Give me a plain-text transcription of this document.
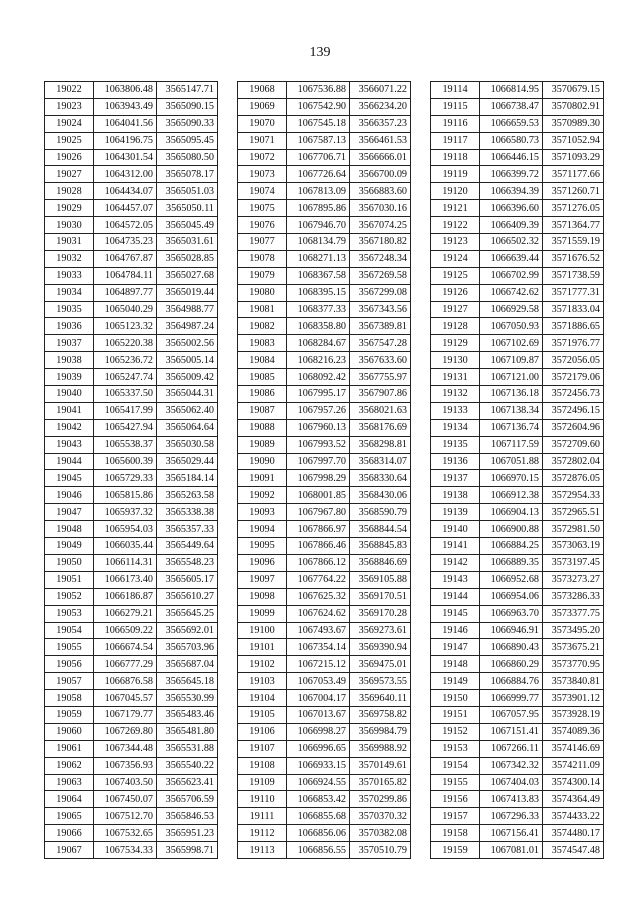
139
19022	1063806.48	3565147.71
19023	1063943.49	3565090.15
19024	1064041.56	3565090.33
19025	1064196.75	3565095.45
19026	1064301.54	3565080.50
19027	1064312.00	3565078.17
19028	1064434.07	3565051.03
19029	1064457.07	3565050.11
19030	1064572.05	3565045.49
19031	1064735.23	3565031.61
19032	1064767.87	3565028.85
19033	1064784.11	3565027.68
19034	1064897.77	3565019.44
19035	1065040.29	3564988.77
19036	1065123.32	3564987.24
19037	1065220.38	3565002.56
19038	1065236.72	3565005.14
19039	1065247.74	3565009.42
19040	1065337.50	3565044.31
19041	1065417.99	3565062.40
19042	1065427.94	3565064.64
19043	1065538.37	3565030.58
19044	1065600.39	3565029.44
19045	1065729.33	3565184.14
19046	1065815.86	3565263.58
19047	1065937.32	3565338.38
19048	1065954.03	3565357.33
19049	1066035.44	3565449.64
19050	1066114.31	3565548.23
19051	1066173.40	3565605.17
19052	1066186.87	3565610.27
19053	1066279.21	3565645.25
19054	1066509.22	3565692.01
19055	1066674.54	3565703.96
19056	1066777.29	3565687.04
19057	1066876.58	3565645.18
19058	1067045.57	3565530.99
19059	1067179.77	3565483.46
19060	1067269.80	3565481.80
19061	1067344.48	3565531.88
19062	1067356.93	3565540.22
19063	1067403.50	3565623.41
19064	1067450.07	3565706.59
19065	1067512.70	3565846.53
19066	1067532.65	3565951.23
19067	1067534.33	3565998.71
19068	1067536.88	3566071.22
19069	1067542.90	3566234.20
19070	1067545.18	3566357.23
19071	1067587.13	3566461.53
19072	1067706.71	3566666.01
19073	1067726.64	3566700.09
19074	1067813.09	3566883.60
19075	1067895.86	3567030.16
19076	1067946.70	3567074.25
19077	1068134.79	3567180.82
19078	1068271.13	3567248.34
19079	1068367.58	3567269.58
19080	1068395.15	3567299.08
19081	1068377.33	3567343.56
19082	1068358.80	3567389.81
19083	1068284.67	3567547.28
19084	1068216.23	3567633.60
19085	1068092.42	3567755.97
19086	1067995.17	3567907.86
19087	1067957.26	3568021.63
19088	1067960.13	3568176.69
19089	1067993.52	3568298.81
19090	1067997.70	3568314.07
19091	1067998.29	3568330.64
19092	1068001.85	3568430.06
19093	1067967.80	3568590.79
19094	1067866.97	3568844.54
19095	1067866.46	3568845.83
19096	1067866.12	3568846.69
19097	1067764.22	3569105.88
19098	1067625.32	3569170.51
19099	1067624.62	3569170.28
19100	1067493.67	3569273.61
19101	1067354.14	3569390.94
19102	1067215.12	3569475.01
19103	1067053.49	3569573.55
19104	1067004.17	3569640.11
19105	1067013.67	3569758.82
19106	1066998.27	3569984.79
19107	1066996.65	3569988.92
19108	1066933.15	3570149.61
19109	1066924.55	3570165.82
19110	1066853.42	3570299.86
19111	1066855.68	3570370.32
19112	1066856.06	3570382.08
19113	1066856.55	3570510.79
19114	1066814.95	3570679.15
19115	1066738.47	3570802.91
19116	1066659.53	3570989.30
19117	1066580.73	3571052.94
19118	1066446.15	3571093.29
19119	1066399.72	3571177.66
19120	1066394.39	3571260.71
19121	1066396.60	3571276.05
19122	1066409.39	3571364.77
19123	1066502.32	3571559.19
19124	1066639.44	3571676.52
19125	1066702.99	3571738.59
19126	1066742.62	3571777.31
19127	1066929.58	3571833.04
19128	1067050.93	3571886.65
19129	1067102.69	3571976.77
19130	1067109.87	3572056.05
19131	1067121.00	3572179.06
19132	1067136.18	3572456.73
19133	1067138.34	3572496.15
19134	1067136.74	3572604.96
19135	1067117.59	3572709.60
19136	1067051.88	3572802.04
19137	1066970.15	3572876.05
19138	1066912.38	3572954.33
19139	1066904.13	3572965.51
19140	1066900.88	3572981.50
19141	1066884.25	3573063.19
19142	1066889.35	3573197.45
19143	1066952.68	3573273.27
19144	1066954.06	3573286.33
19145	1066963.70	3573377.75
19146	1066946.91	3573495.20
19147	1066890.43	3573675.21
19148	1066860.29	3573770.95
19149	1066884.76	3573840.81
19150	1066999.77	3573901.12
19151	1067057.95	3573928.19
19152	1067151.41	3574089.36
19153	1067266.11	3574146.69
19154	1067342.32	3574211.09
19155	1067404.03	3574300.14
19156	1067413.83	3574364.49
19157	1067296.33	3574433.22
19158	1067156.41	3574480.17
19159	1067081.01	3574547.48
